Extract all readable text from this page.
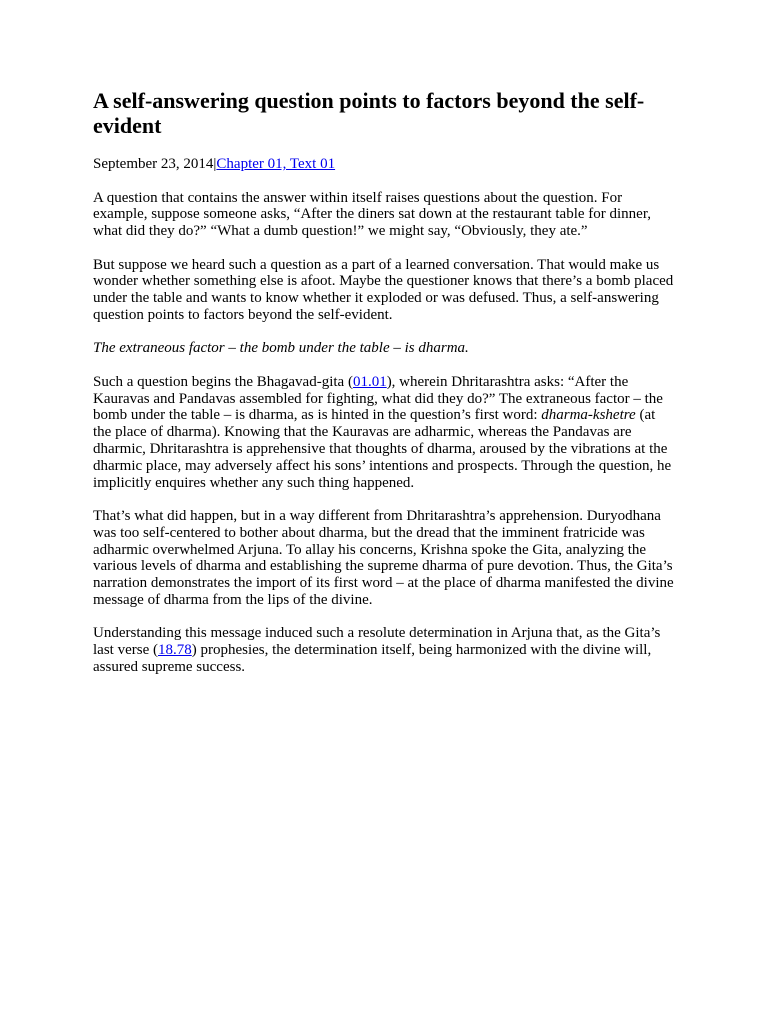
A self-answering question points to factors beyond the self-evident

September 23, 2014|Chapter 01, Text 01

A question that contains the answer within itself raises questions about the question. For example, suppose someone asks, “After the diners sat down at the restaurant table for dinner, what did they do?” “What a dumb question!” we might say, “Obviously, they ate.”

But suppose we heard such a question as a part of a learned conversation. That would make us wonder whether something else is afoot. Maybe the questioner knows that there’s a bomb placed under the table and wants to know whether it exploded or was defused. Thus, a self-answering question points to factors beyond the self-evident.

The extraneous factor – the bomb under the table – is dharma.

Such a question begins the Bhagavad-gita (01.01), wherein Dhritarashtra asks: “After the Kauravas and Pandavas assembled for fighting, what did they do?” The extraneous factor – the bomb under the table – is dharma, as is hinted in the question’s first word: dharma-kshetre (at the place of dharma). Knowing that the Kauravas are adharmic, whereas the Pandavas are dharmic, Dhritarashtra is apprehensive that thoughts of dharma, aroused by the vibrations at the dharmic place, may adversely affect his sons’ intentions and prospects. Through the question, he implicitly enquires whether any such thing happened.

That’s what did happen, but in a way different from Dhritarashtra’s apprehension. Duryodhana was too self-centered to bother about dharma, but the dread that the imminent fratricide was adharmic overwhelmed Arjuna. To allay his concerns, Krishna spoke the Gita, analyzing the various levels of dharma and establishing the supreme dharma of pure devotion. Thus, the Gita’s narration demonstrates the import of its first word – at the place of dharma manifested the divine message of dharma from the lips of the divine.

Understanding this message induced such a resolute determination in Arjuna that, as the Gita’s last verse (18.78) prophesies, the determination itself, being harmonized with the divine will, assured supreme success.
